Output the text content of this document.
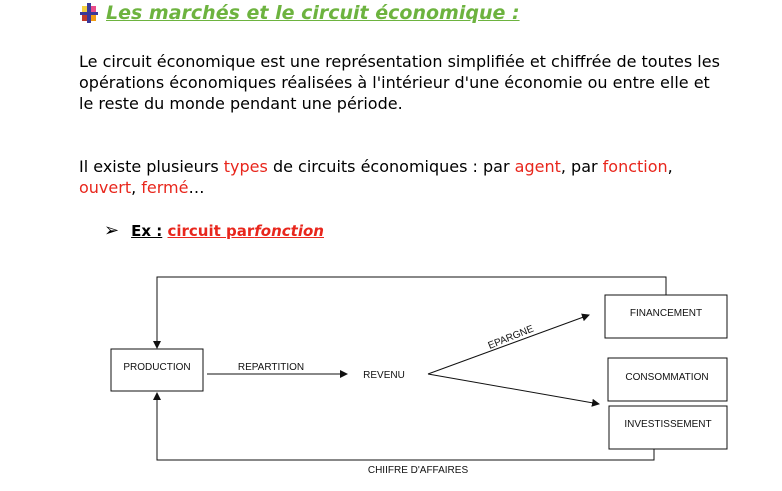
Les marchés et le circuit économique :
Le circuit économique est une représentation simplifiée et chiffrée de toutes les opérations économiques réalisées à l'intérieur d'une économie ou entre elle et le reste du monde pendant une période.
Il existe plusieurs types de circuits économiques : par agent, par fonction, ouvert, fermé…
➢ Ex :
circuit par fonction
PRODUCTION	REPARTITION
REVENU
EPARGNE
FINANCEMENT
CONSOMMATION
INVESTISSEMENT
CHIIFRE D'AFFAIRES
